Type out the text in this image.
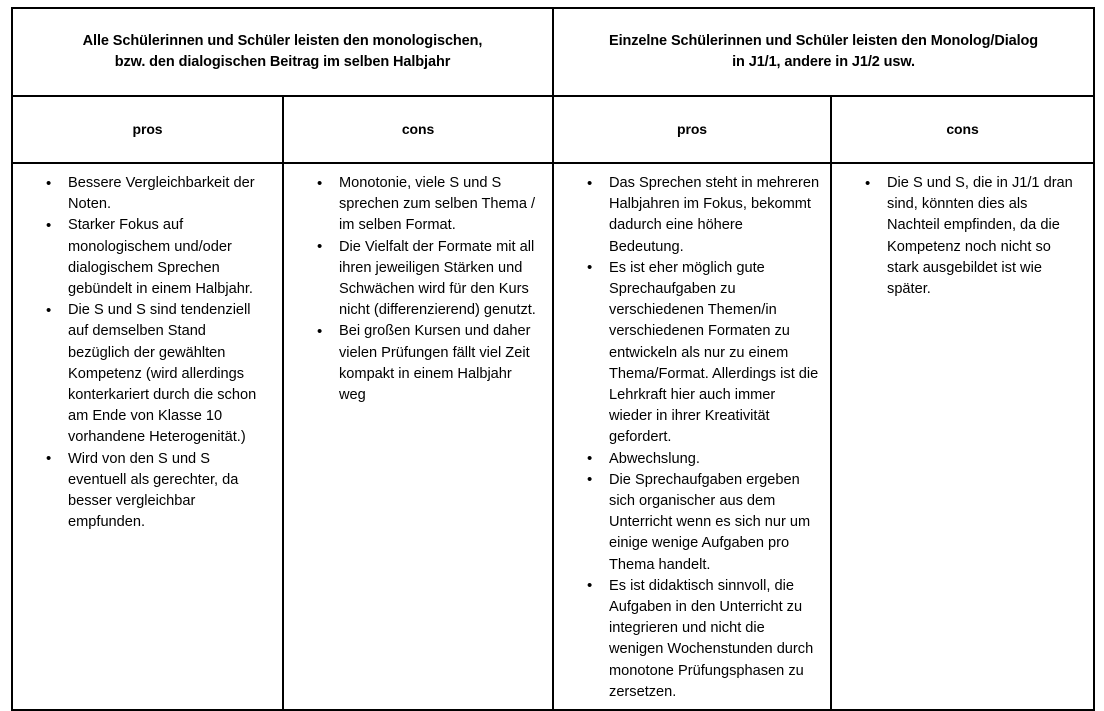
Alle Schülerinnen und Schüler leisten den monologischen,
bzw. den dialogischen Beitrag im selben Halbjahr		Einzelne Schülerinnen und Schüler leisten den Monolog/Dialog
in J1/1, andere in J1/2 usw.	

pros	cons	pros	cons

• Bessere Vergleichbarkeit der Noten.
• Starker Fokus auf monologischem und/oder dialogischem Sprechen gebündelt in einem Halbjahr.
• Die S und S sind tendenziell auf demselben Stand bezüglich der gewählten Kompetenz (wird allerdings konterkariert durch die schon am Ende von Klasse 10 vorhandene Heterogenität.)
• Wird von den S und S eventuell als gerechter, da besser vergleichbar empfunden.

• Monotonie, viele S und S sprechen zum selben Thema / im selben Format.
• Die Vielfalt der Formate mit all ihren jeweiligen Stärken und Schwächen wird für den Kurs nicht (differenzierend) genutzt.
• Bei großen Kursen und daher vielen Prüfungen fällt viel Zeit kompakt in einem Halbjahr weg

• Das Sprechen steht in mehreren Halbjahren im Fokus, bekommt dadurch eine höhere Bedeutung.
• Es ist eher möglich gute Sprechaufgaben zu verschiedenen Themen/in verschiedenen Formaten zu entwickeln als nur zu einem Thema/Format. Allerdings ist die Lehrkraft hier auch immer wieder in ihrer Kreativität gefordert.
• Abwechslung.
• Die Sprechaufgaben ergeben sich organischer aus dem Unterricht wenn es sich nur um einige wenige Aufgaben pro Thema handelt.
• Es ist didaktisch sinnvoll, die Aufgaben in den Unterricht zu integrieren und nicht die wenigen Wochenstunden durch monotone Prüfungsphasen zu zersetzen.

• Die S und S, die in J1/1 dran sind, könnten dies als Nachteil empfinden, da die Kompetenz noch nicht so stark ausgebildet ist wie später.
